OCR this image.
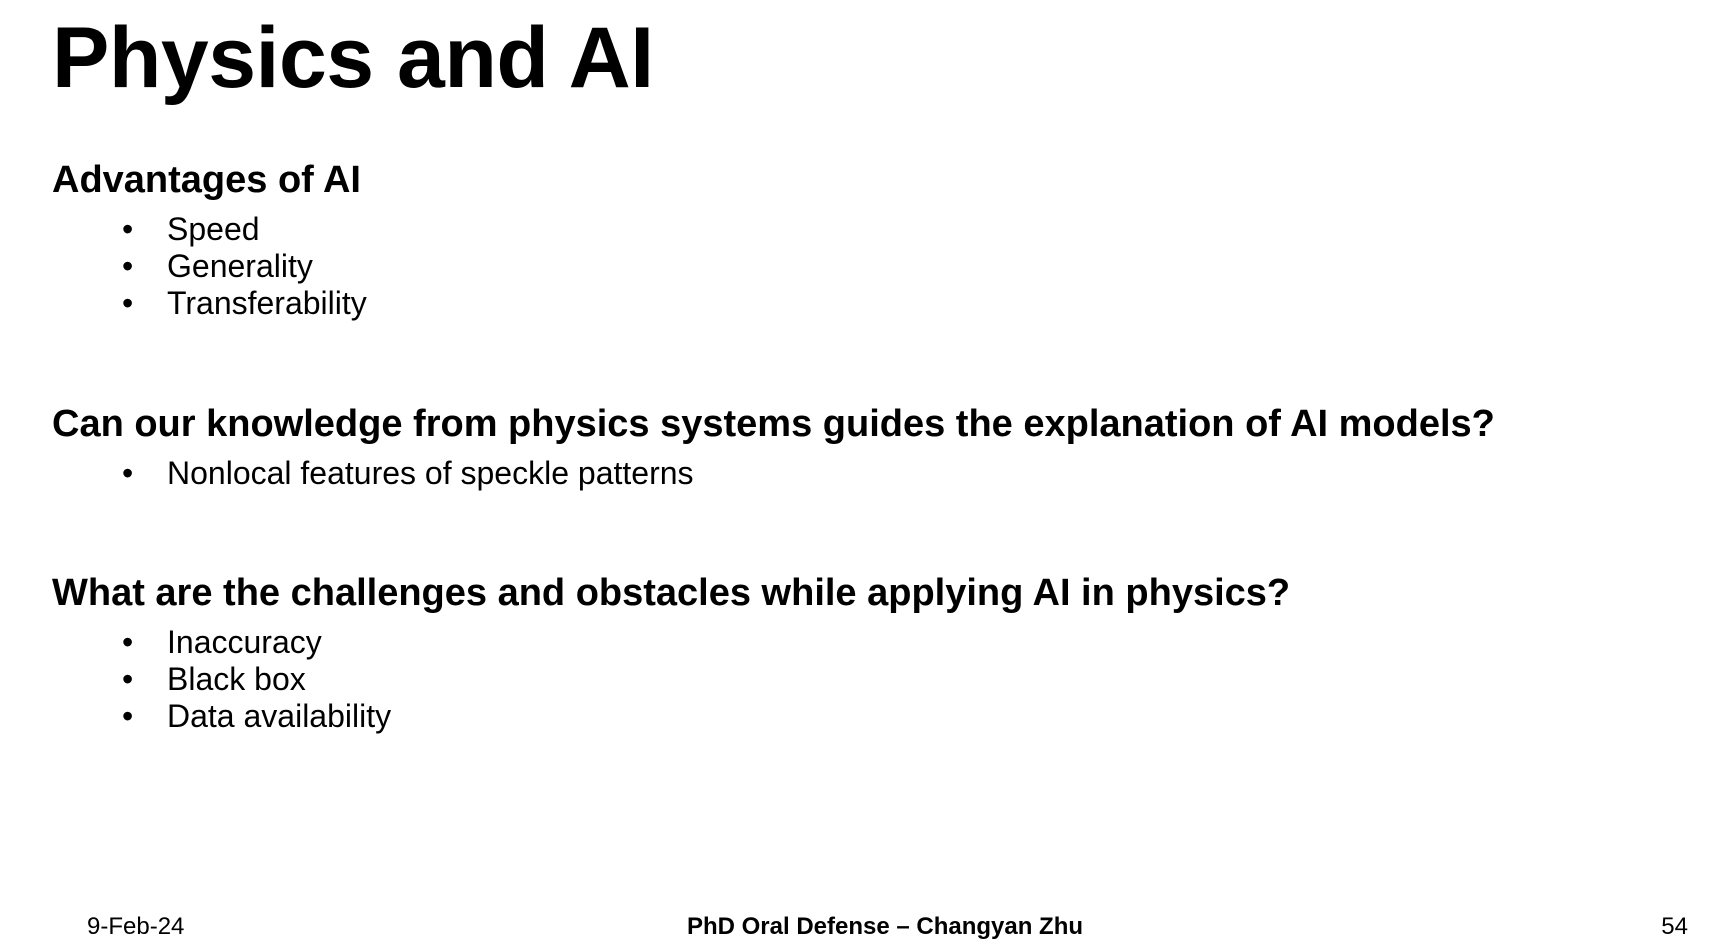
Physics and AI
Advantages of AI
• Speed
• Generality
• Transferability
Can our knowledge from physics systems guides the explanation of AI models?
• Nonlocal features of speckle patterns
What are the challenges and obstacles while applying AI in physics?
• Inaccuracy
• Black box
• Data availability
9-Feb-24	PhD Oral Defense – Changyan Zhu	54
